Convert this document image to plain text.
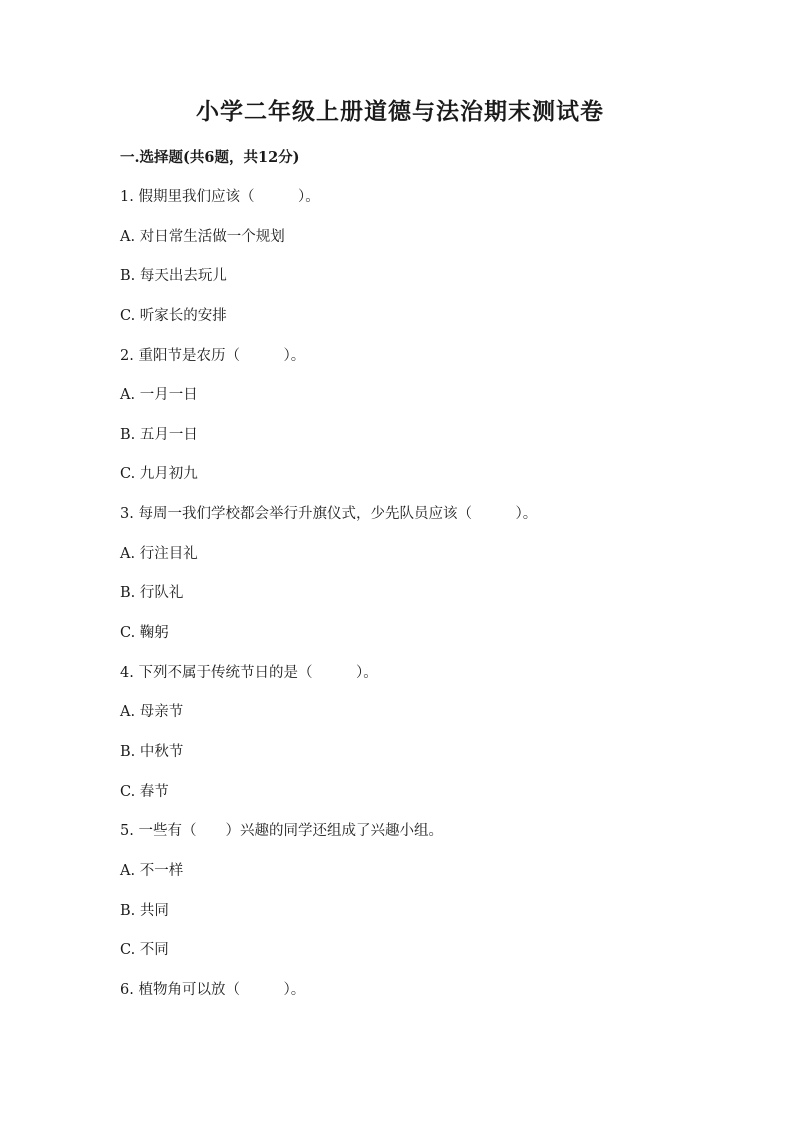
小学二年级上册道德与法治期末测试卷
一.选择题(共6题，共12分)
1. 假期里我们应该（　　　）。
A. 对日常生活做一个规划
B. 每天出去玩儿
C. 听家长的安排
2. 重阳节是农历（　　　）。
A. 一月一日
B. 五月一日
C. 九月初九
3. 每周一我们学校都会举行升旗仪式，少先队员应该（　　　）。
A. 行注目礼
B. 行队礼
C. 鞠躬
4. 下列不属于传统节日的是（　　　）。
A. 母亲节
B. 中秋节
C. 春节
5. 一些有（　　）兴趣的同学还组成了兴趣小组。
A. 不一样
B. 共同
C. 不同
6. 植物角可以放（　　　）。
